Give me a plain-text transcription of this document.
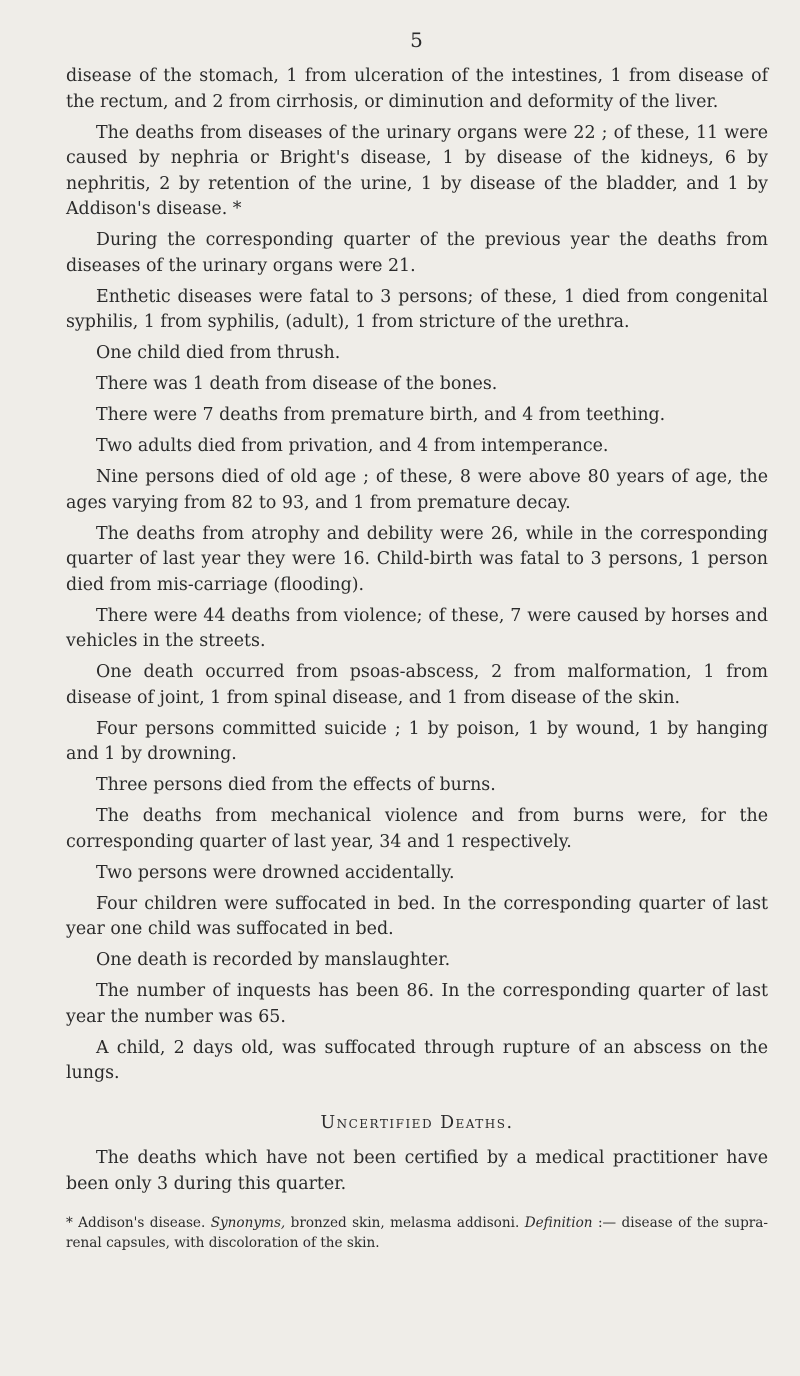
5

disease of the stomach, 1 from ulceration of the intestines, 1 from disease of the rectum, and 2 from cirrhosis, or diminution and deformity of the liver.

The deaths from diseases of the urinary organs were 22 ; of these, 11 were caused by nephria or Bright's disease, 1 by disease of the kidneys, 6 by nephritis, 2 by retention of the urine, 1 by disease of the bladder, and 1 by Addison's disease. *

During the corresponding quarter of the previous year the deaths from diseases of the urinary organs were 21.

Enthetic diseases were fatal to 3 persons; of these, 1 died from congenital syphilis, 1 from syphilis, (adult), 1 from stricture of the urethra.

One child died from thrush.

There was 1 death from disease of the bones.

There were 7 deaths from premature birth, and 4 from teething.

Two adults died from privation, and 4 from intemperance.

Nine persons died of old age ; of these, 8 were above 80 years of age, the ages varying from 82 to 93, and 1 from premature decay.

The deaths from atrophy and debility were 26, while in the corresponding quarter of last year they were 16. Child-birth was fatal to 3 persons, 1 person died from mis-carriage (flooding).

There were 44 deaths from violence; of these, 7 were caused by horses and vehicles in the streets.

One death occurred from psoas-abscess, 2 from malformation, 1 from disease of joint, 1 from spinal disease, and 1 from disease of the skin.

Four persons committed suicide ; 1 by poison, 1 by wound, 1 by hanging and 1 by drowning.

Three persons died from the effects of burns.

The deaths from mechanical violence and from burns were, for the corresponding quarter of last year, 34 and 1 respectively.

Two persons were drowned accidentally.

Four children were suffocated in bed. In the corresponding quarter of last year one child was suffocated in bed.

One death is recorded by manslaughter.

The number of inquests has been 86. In the corresponding quarter of last year the number was 65.

A child, 2 days old, was suffocated through rupture of an abscess on the lungs.

Uncertified Deaths.

The deaths which have not been certified by a medical practitioner have been only 3 during this quarter.

* Addison's disease. Synonyms, bronzed skin, melasma addisoni. Definition :— disease of the supra-renal capsules, with discoloration of the skin.
